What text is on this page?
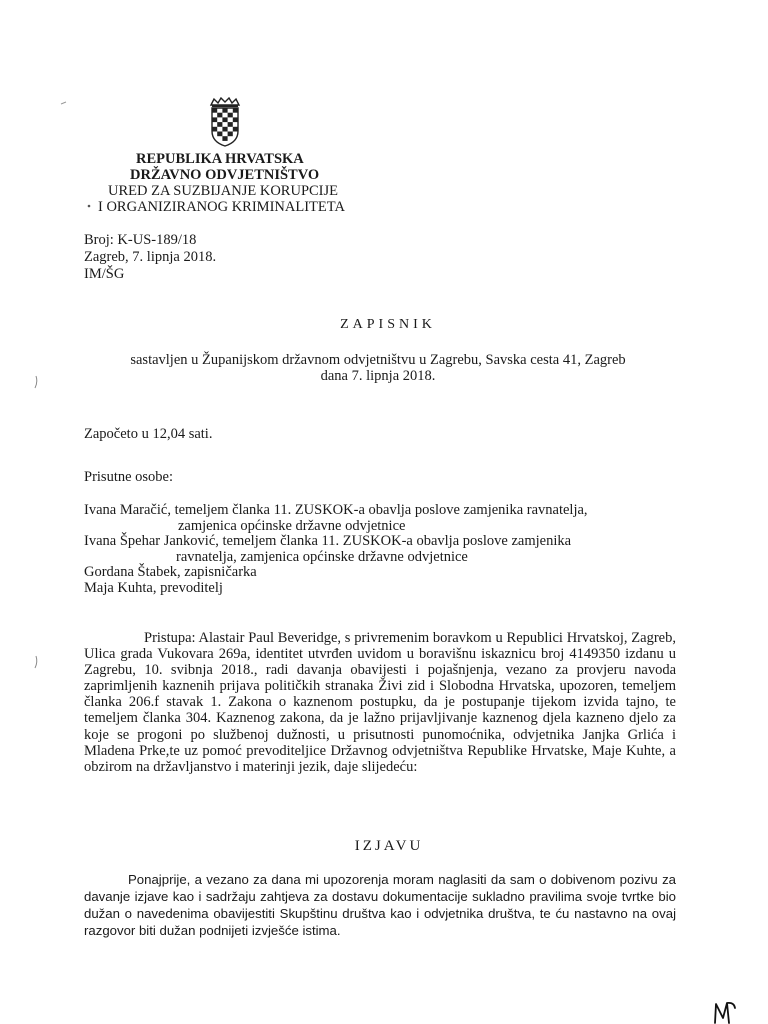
REPUBLIKA HRVATSKA
DRŽAVNO ODVJETNIŠTVO
URED ZA SUZBIJANJE KORUPCIJE
I ORGANIZIRANOG KRIMINALITETA
Broj: K-US-189/18
Zagreb, 7. lipnja 2018.
IM/ŠG
ZAPISNIK
sastavljen u Županijskom državnom odvjetništvu u Zagrebu, Savska cesta 41, Zagreb
dana 7. lipnja 2018.
Započeto u 12,04 sati.
Prisutne osobe:
Ivana Maračić, temeljem članka 11. ZUSKOK-a obavlja poslove zamjenika ravnatelja,
zamjenica općinske državne odvjetnice
Ivana Špehar Janković, temeljem članka 11. ZUSKOK-a obavlja poslove zamjenika
ravnatelja, zamjenica općinske državne odvjetnice
Gordana Štabek, zapisničarka
Maja Kuhta, prevoditelj
Pristupa: Alastair Paul Beveridge, s privremenim boravkom u Republici Hrvatskoj, Zagreb, Ulica grada Vukovara 269a, identitet utvrđen uvidom u boravišnu iskaznicu broj 4149350 izdanu u Zagrebu, 10. svibnja 2018., radi davanja obavijesti i pojašnjenja, vezano za provjeru navoda zaprimljenih kaznenih prijava političkih stranaka Živi zid i Slobodna Hrvatska, upozoren, temeljem članka 206.f stavak 1. Zakona o kaznenom postupku, da je postupanje tijekom izvida tajno, te temeljem članka 304. Kaznenog zakona, da je lažno prijavljivanje kaznenog djela kazneno djelo za koje se progoni po službenoj dužnosti, u prisutnosti punomoćnika, odvjetnika Janjka Grlića i Mladena Prke,te uz pomoć prevoditeljice Državnog odvjetništva Republike Hrvatske, Maje Kuhte, a obzirom na državljanstvo i materinji jezik, daje slijedeću:
IZJAVU
Ponajprije, a vezano za dana mi upozorenja moram naglasiti da sam o dobivenom pozivu za davanje izjave kao i sadržaju zahtjeva za dostavu dokumentacije sukladno pravilima svoje tvrtke bio dužan o navedenima obavijestiti Skupštinu društva kao i odvjetnika društva, te ću nastavno na ovaj razgovor biti dužan podnijeti izvješće istima.
